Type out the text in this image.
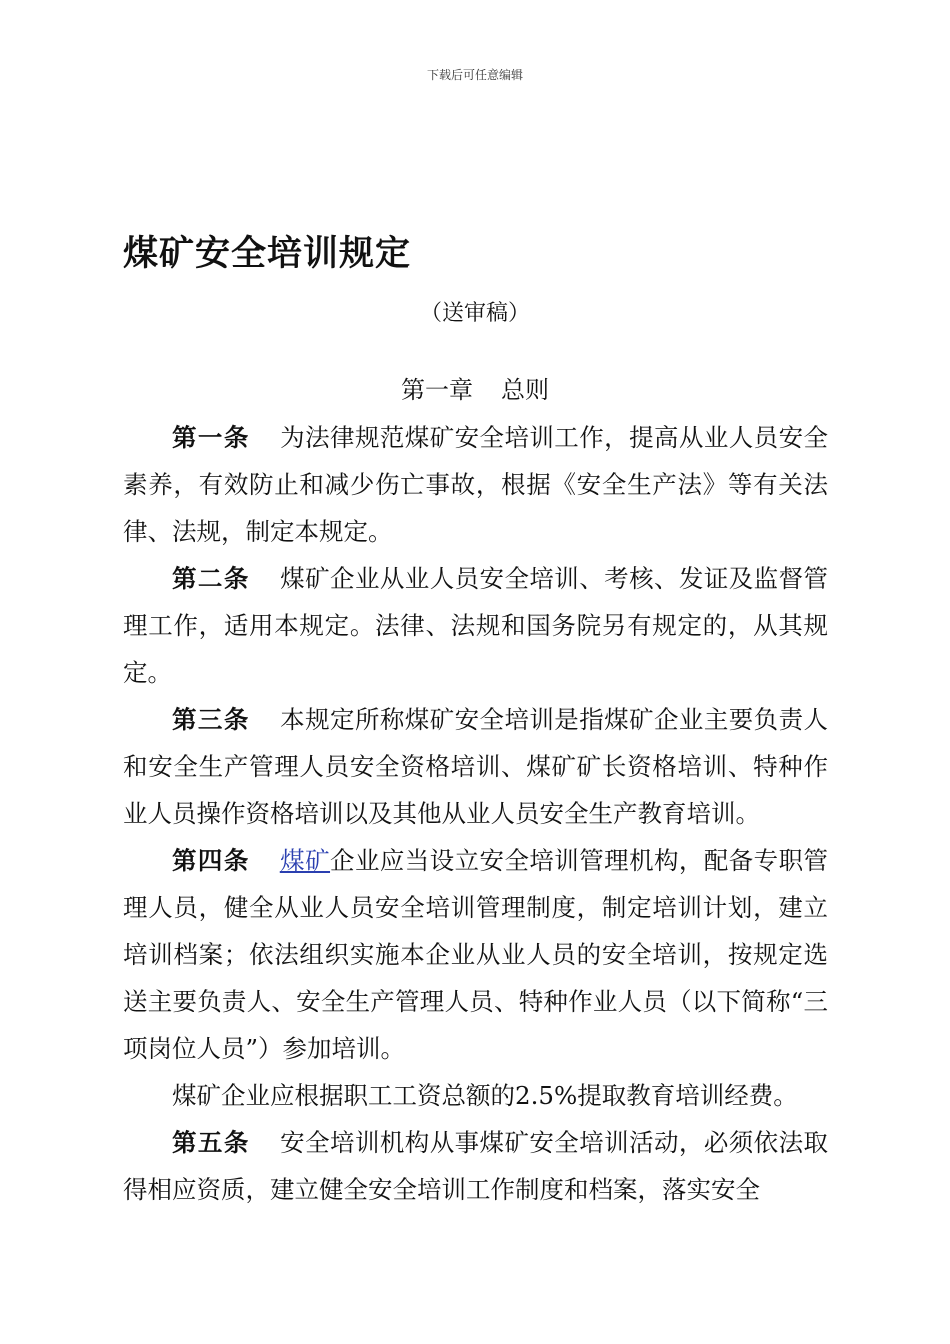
下载后可任意编辑
煤矿安全培训规定
（送审稿）
第一章 总则

第一条 为法律规范煤矿安全培训工作，提高从业人员安全素养，有效防止和减少伤亡事故，根据《安全生产法》等有关法律、法规，制定本规定。

第二条 煤矿企业从业人员安全培训、考核、发证及监督管理工作，适用本规定。法律、法规和国务院另有规定的，从其规定。

第三条 本规定所称煤矿安全培训是指煤矿企业主要负责人和安全生产管理人员安全资格培训、煤矿矿长资格培训、特种作业人员操作资格培训以及其他从业人员安全生产教育培训。

第四条 煤矿企业应当设立安全培训管理机构，配备专职管理人员，健全从业人员安全培训管理制度，制定培训计划，建立培训档案；依法组织实施本企业从业人员的安全培训，按规定选送主要负责人、安全生产管理人员、特种作业人员（以下简称“三项岗位人员”）参加培训。

煤矿企业应根据职工工资总额的2.5%提取教育培训经费。

第五条 安全培训机构从事煤矿安全培训活动，必须依法取得相应资质，建立健全安全培训工作制度和档案，落实安全
